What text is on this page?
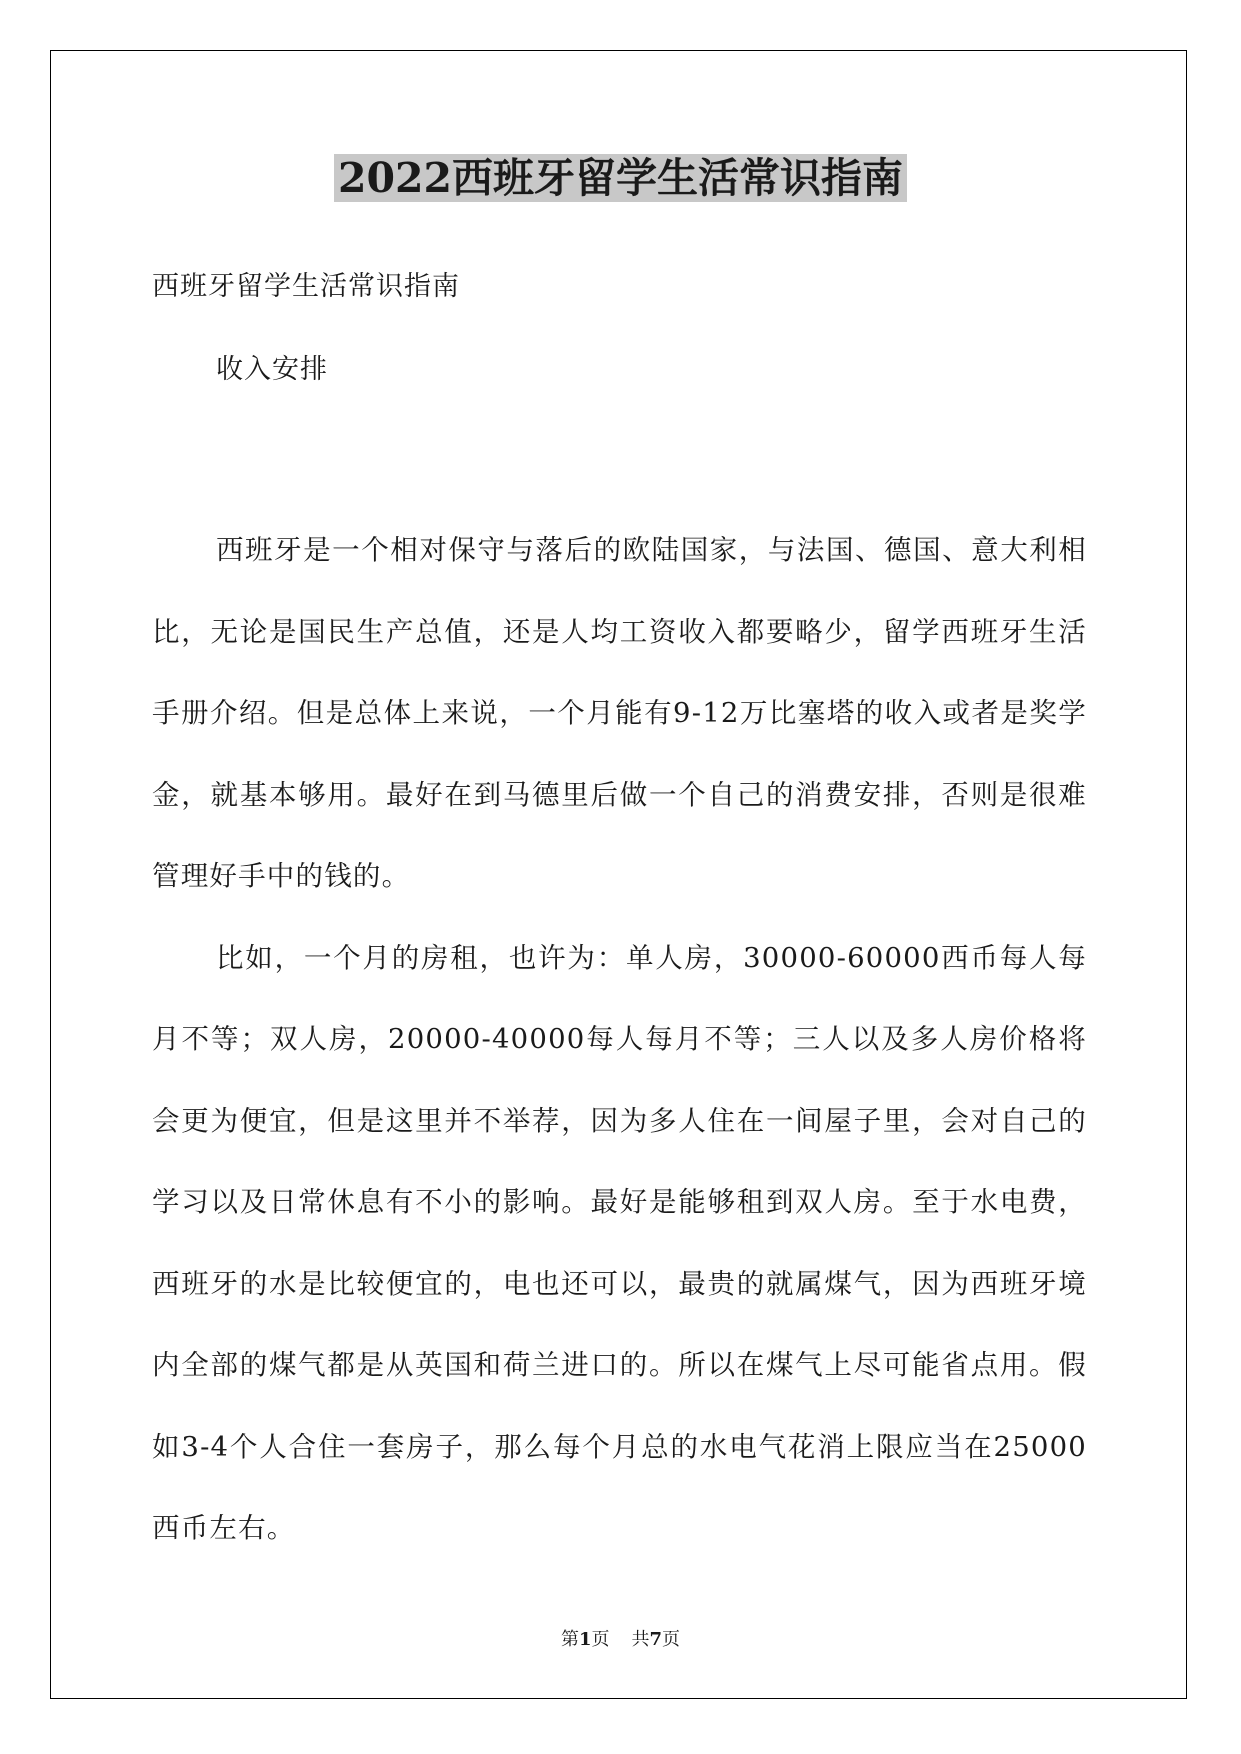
2022西班牙留学生活常识指南

西班牙留学生活常识指南

收入安排

西班牙是一个相对保守与落后的欧陆国家，与法国、德国、意大利相比，无论是国民生产总值，还是人均工资收入都要略少，留学西班牙生活手册介绍。但是总体上来说，一个月能有9-12万比塞塔的收入或者是奖学金，就基本够用。最好在到马德里后做一个自己的消费安排，否则是很难管理好手中的钱的。

比如，一个月的房租，也许为：单人房，30000-60000西币每人每月不等；双人房，20000-40000每人每月不等；三人以及多人房价格将会更为便宜，但是这里并不举荐，因为多人住在一间屋子里，会对自己的学习以及日常休息有不小的影响。最好是能够租到双人房。至于水电费，西班牙的水是比较便宜的，电也还可以，最贵的就属煤气，因为西班牙境内全部的煤气都是从英国和荷兰进口的。所以在煤气上尽可能省点用。假如3-4个人合住一套房子，那么每个月总的水电气花消上限应当在25000西币左右。

第1页 共7页
